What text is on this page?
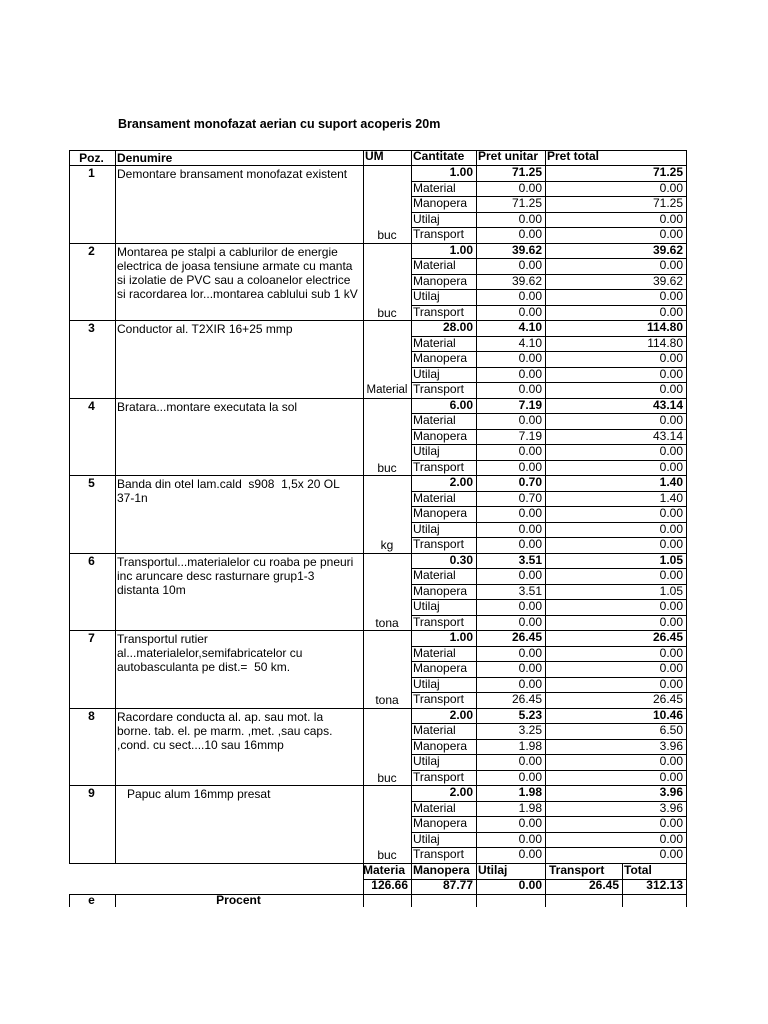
Bransament monofazat aerian cu suport acoperis 20m
Poz.	Denumire	UM	Cantitate	Pret unitar Pret total
1	Demontare bransament monofazat existent
buc
1.00	71.25	71.25
Material	0.00	0.00
Manopera	71.25	71.25
Utilaj	0.00	0.00
Transport	0.00	0.00
2	Montarea pe stalpi a cablurilor de energie electrica de joasa tensiune armate cu manta si izolatie de PVC sau a coloanelor electrice si racordarea lor...montarea cablului sub 1 kV
buc
1.00	39.62	39.62
Material	0.00	0.00
Manopera	39.62	39.62
Utilaj	0.00	0.00
Transport	0.00	0.00
3	Conductor al. T2XIR 16+25 mmp
Material
28.00	4.10	114.80
Material	4.10	114.80
Manopera	0.00	0.00
Utilaj	0.00	0.00
Transport	0.00	0.00
4	Bratara...montare executata la sol
buc
6.00	7.19	43.14
Material	0.00	0.00
Manopera	7.19	43.14
Utilaj	0.00	0.00
Transport	0.00	0.00
5	Banda din otel lam.cald  s908  1,5x 20 OL 37-1n
kg
2.00	0.70	1.40
Material	0.70	1.40
Manopera	0.00	0.00
Utilaj	0.00	0.00
Transport	0.00	0.00
6	Transportul...materialelor cu roaba pe pneuri inc aruncare desc rasturnare grup1-3 distanta 10m
tona
0.30	3.51	1.05
Material	0.00	0.00
Manopera	3.51	1.05
Utilaj	0.00	0.00
Transport	0.00	0.00
7	Transportul rutier al...materialelor,semifabricatelor cu autobasculanta pe dist.=  50 km.
tona
1.00	26.45	26.45
Material	0.00	0.00
Manopera	0.00	0.00
Utilaj	0.00	0.00
Transport	26.45	26.45
8	Racordare conducta al. ap. sau mot. la borne. tab. el. pe marm. ,met. ,sau caps. ,cond. cu sect....10 sau 16mmp
buc
2.00	5.23	10.46
Material	3.25	6.50
Manopera	1.98	3.96
Utilaj	0.00	0.00
Transport	0.00	0.00
9	Papuc alum 16mmp presat
buc
2.00	1.98	3.96
Material	1.98	3.96
Manopera	0.00	0.00
Utilaj	0.00	0.00
Transport	0.00	0.00
Materia
126.66
Manopera
87.77
Utilaj
0.00
Transport
26.45
Total
312.13
e	Procent
